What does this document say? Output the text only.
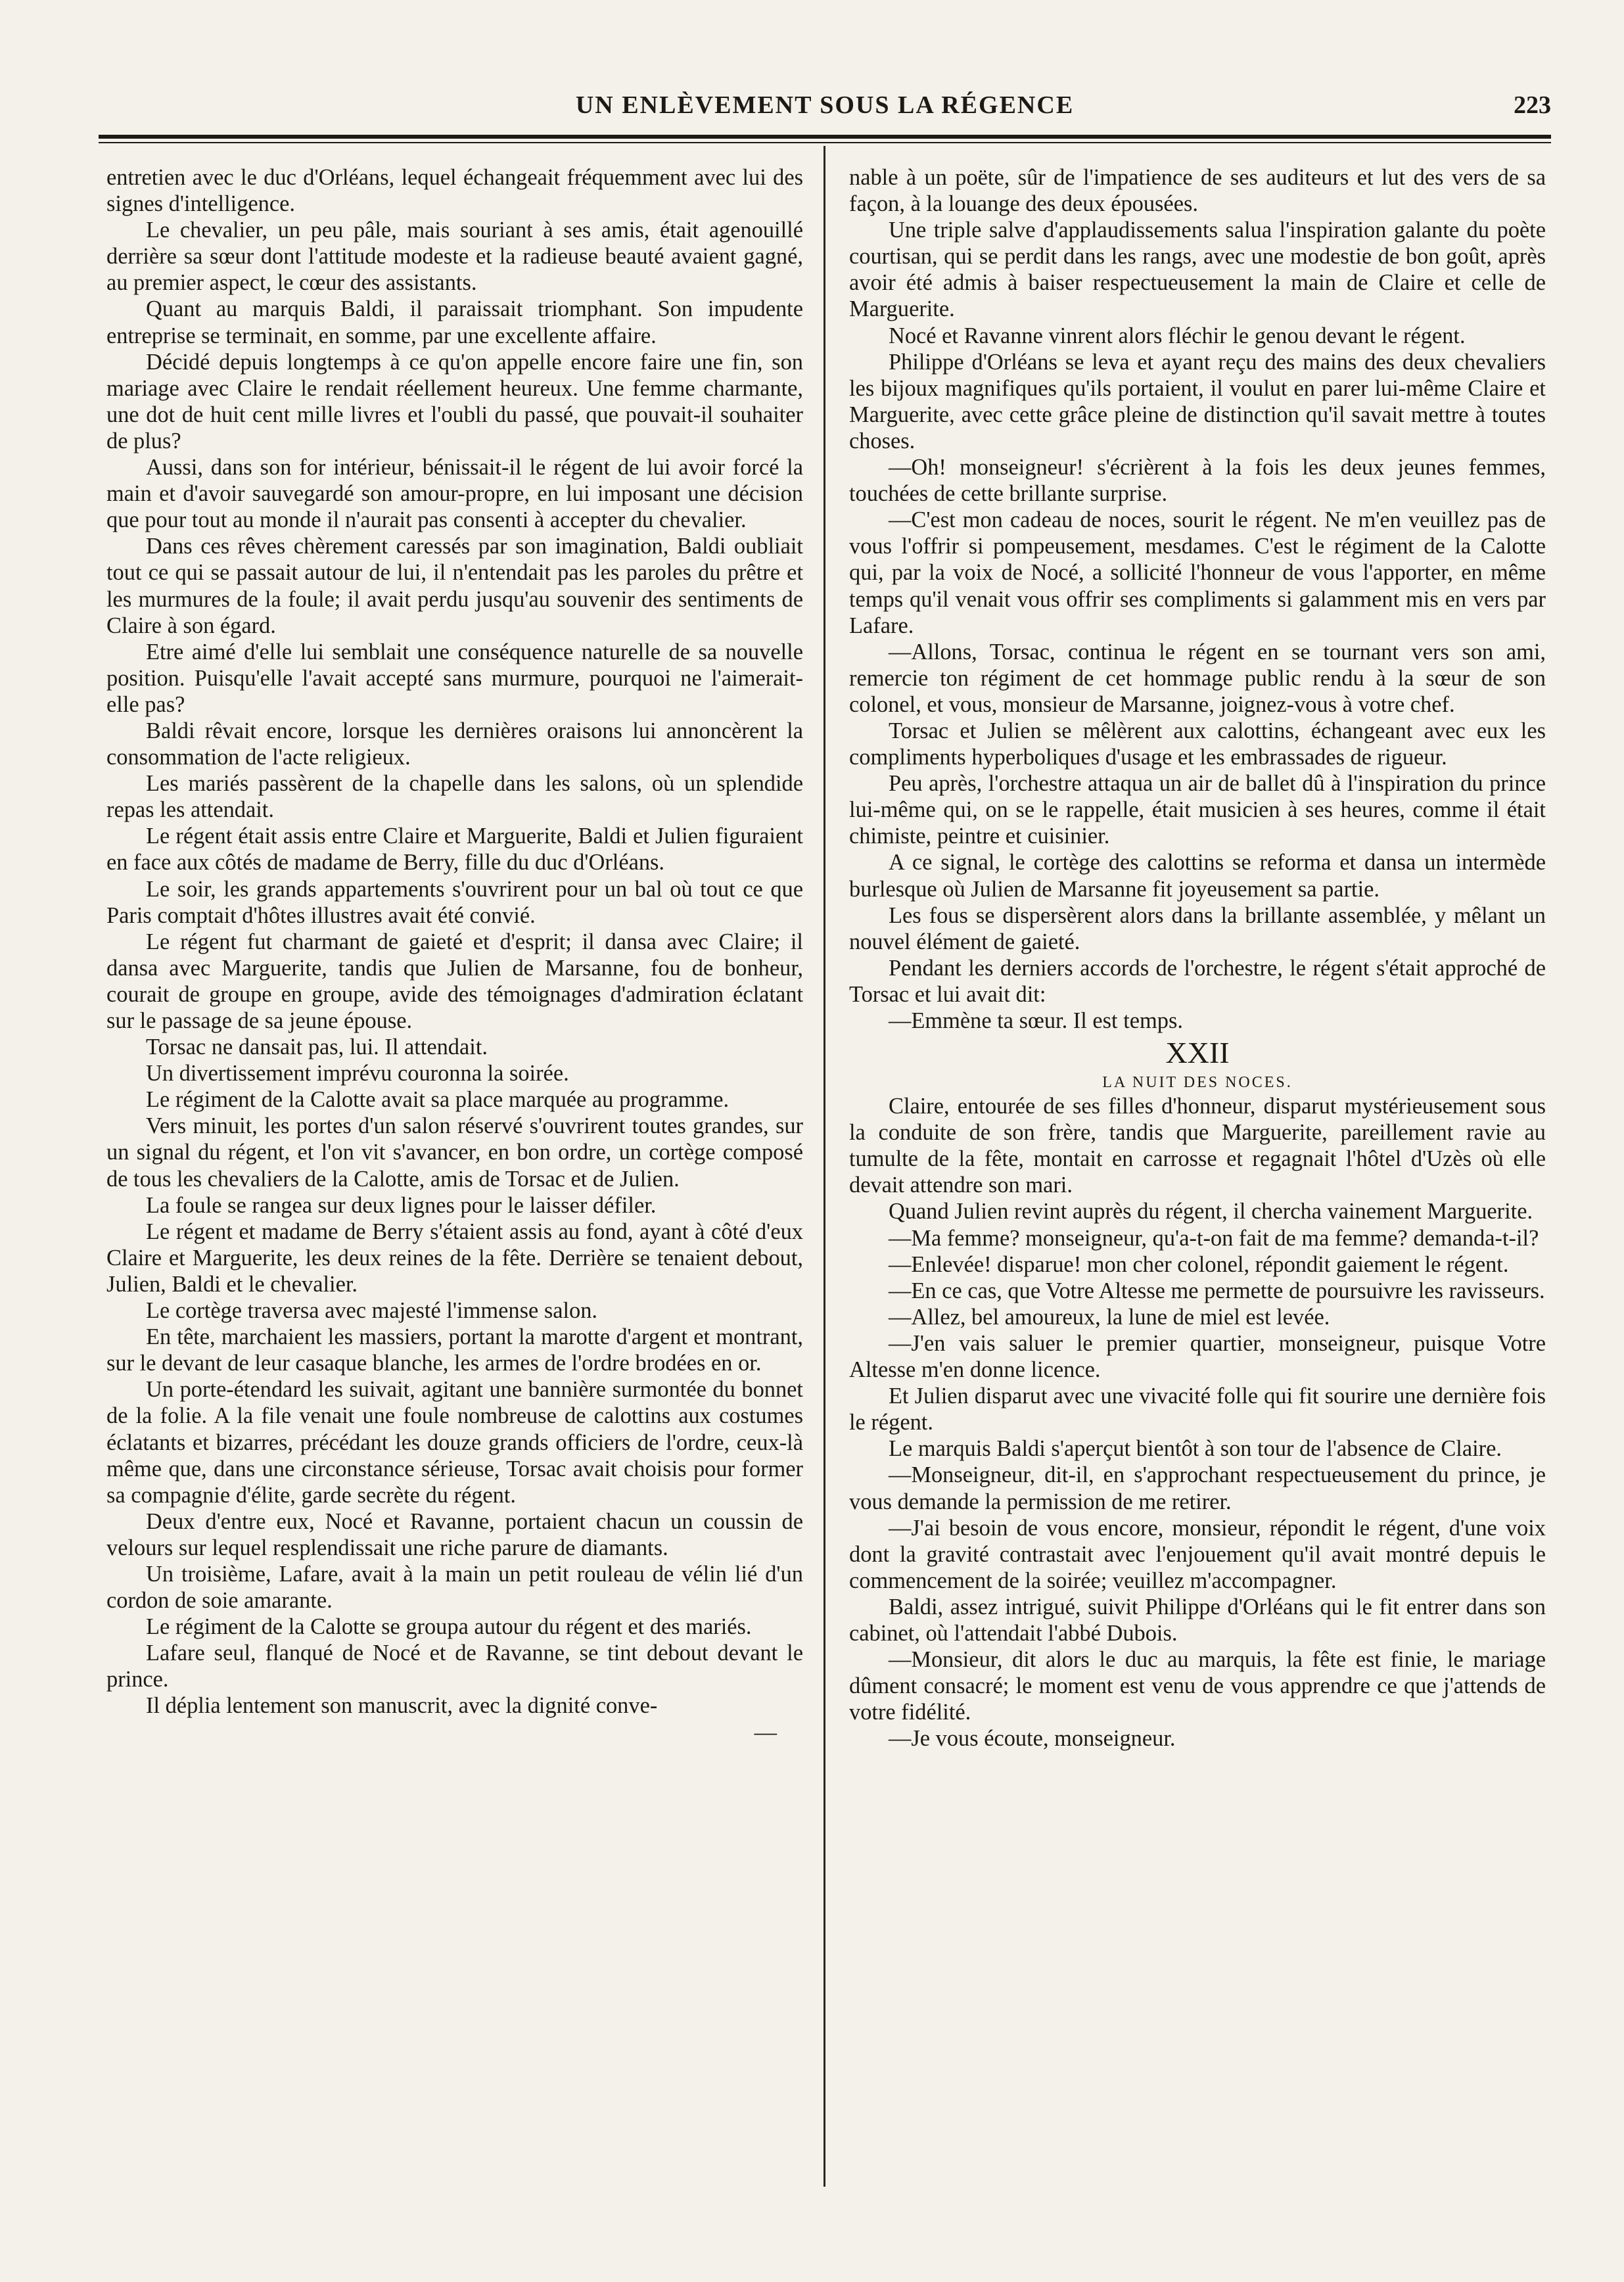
UN ENLÈVEMENT SOUS LA RÉGENCE	223

entretien avec le duc d'Orléans, lequel échangeait fréquemment avec lui des signes d'intelligence.

Le chevalier, un peu pâle, mais souriant à ses amis, était agenouillé derrière sa sœur dont l'attitude modeste et la radieuse beauté avaient gagné, au premier aspect, le cœur des assistants.

Quant au marquis Baldi, il paraissait triomphant. Son impudente entreprise se terminait, en somme, par une excellente affaire.

Décidé depuis longtemps à ce qu'on appelle encore faire une fin, son mariage avec Claire le rendait réellement heureux. Une femme charmante, une dot de huit cent mille livres et l'oubli du passé, que pouvait-il souhaiter de plus?

Aussi, dans son for intérieur, bénissait-il le régent de lui avoir forcé la main et d'avoir sauvegardé son amour-propre, en lui imposant une décision que pour tout au monde il n'aurait pas consenti à accepter du chevalier.

Dans ces rêves chèrement caressés par son imagination, Baldi oubliait tout ce qui se passait autour de lui, il n'entendait pas les paroles du prêtre et les murmures de la foule; il avait perdu jusqu'au souvenir des sentiments de Claire à son égard.

Etre aimé d'elle lui semblait une conséquence naturelle de sa nouvelle position. Puisqu'elle l'avait accepté sans murmure, pourquoi ne l'aimerait-elle pas?

Baldi rêvait encore, lorsque les dernières oraisons lui annoncèrent la consommation de l'acte religieux.

Les mariés passèrent de la chapelle dans les salons, où un splendide repas les attendait.

Le régent était assis entre Claire et Marguerite, Baldi et Julien figuraient en face aux côtés de madame de Berry, fille du duc d'Orléans.

Le soir, les grands appartements s'ouvrirent pour un bal où tout ce que Paris comptait d'hôtes illustres avait été convié.

Le régent fut charmant de gaieté et d'esprit; il dansa avec Claire; il dansa avec Marguerite, tandis que Julien de Marsanne, fou de bonheur, courait de groupe en groupe, avide des témoignages d'admiration éclatant sur le passage de sa jeune épouse.

Torsac ne dansait pas, lui. Il attendait.

Un divertissement imprévu couronna la soirée.

Le régiment de la Calotte avait sa place marquée au programme.

Vers minuit, les portes d'un salon réservé s'ouvrirent toutes grandes, sur un signal du régent, et l'on vit s'avancer, en bon ordre, un cortège composé de tous les chevaliers de la Calotte, amis de Torsac et de Julien.

La foule se rangea sur deux lignes pour le laisser défiler.

Le régent et madame de Berry s'étaient assis au fond, ayant à côté d'eux Claire et Marguerite, les deux reines de la fête. Derrière se tenaient debout, Julien, Baldi et le chevalier.

Le cortège traversa avec majesté l'immense salon.

En tête, marchaient les massiers, portant la marotte d'argent et montrant, sur le devant de leur casaque blanche, les armes de l'ordre brodées en or.

Un porte-étendard les suivait, agitant une bannière surmontée du bonnet de la folie. A la file venait une foule nombreuse de calottins aux costumes éclatants et bizarres, précédant les douze grands officiers de l'ordre, ceux-là même que, dans une circonstance sérieuse, Torsac avait choisis pour former sa compagnie d'élite, garde secrète du régent.

Deux d'entre eux, Nocé et Ravanne, portaient chacun un coussin de velours sur lequel resplendissait une riche parure de diamants.

Un troisième, Lafare, avait à la main un petit rouleau de vélin lié d'un cordon de soie amarante.

Le régiment de la Calotte se groupa autour du régent et des mariés.

Lafare seul, flanqué de Nocé et de Ravanne, se tint debout devant le prince.

Il déplia lentement son manuscrit, avec la dignité conve-

—

nable à un poëte, sûr de l'impatience de ses auditeurs et lut des vers de sa façon, à la louange des deux épousées.

Une triple salve d'applaudissements salua l'inspiration galante du poète courtisan, qui se perdit dans les rangs, avec une modestie de bon goût, après avoir été admis à baiser respectueusement la main de Claire et celle de Marguerite.

Nocé et Ravanne vinrent alors fléchir le genou devant le régent.

Philippe d'Orléans se leva et ayant reçu des mains des deux chevaliers les bijoux magnifiques qu'ils portaient, il voulut en parer lui-même Claire et Marguerite, avec cette grâce pleine de distinction qu'il savait mettre à toutes choses.

—Oh! monseigneur! s'écrièrent à la fois les deux jeunes femmes, touchées de cette brillante surprise.

—C'est mon cadeau de noces, sourit le régent. Ne m'en veuillez pas de vous l'offrir si pompeusement, mesdames. C'est le régiment de la Calotte qui, par la voix de Nocé, a sollicité l'honneur de vous l'apporter, en même temps qu'il venait vous offrir ses compliments si galamment mis en vers par Lafare.

—Allons, Torsac, continua le régent en se tournant vers son ami, remercie ton régiment de cet hommage public rendu à la sœur de son colonel, et vous, monsieur de Marsanne, joignez-vous à votre chef.

Torsac et Julien se mêlèrent aux calottins, échangeant avec eux les compliments hyperboliques d'usage et les embrassades de rigueur.

Peu après, l'orchestre attaqua un air de ballet dû à l'inspiration du prince lui-même qui, on se le rappelle, était musicien à ses heures, comme il était chimiste, peintre et cuisinier.

A ce signal, le cortège des calottins se reforma et dansa un intermède burlesque où Julien de Marsanne fit joyeusement sa partie.

Les fous se dispersèrent alors dans la brillante assemblée, y mêlant un nouvel élément de gaieté.

Pendant les derniers accords de l'orchestre, le régent s'était approché de Torsac et lui avait dit:

—Emmène ta sœur. Il est temps.

XXII

LA NUIT DES NOCES.

Claire, entourée de ses filles d'honneur, disparut mystérieusement sous la conduite de son frère, tandis que Marguerite, pareillement ravie au tumulte de la fête, montait en carrosse et regagnait l'hôtel d'Uzès où elle devait attendre son mari.

Quand Julien revint auprès du régent, il chercha vainement Marguerite.

—Ma femme? monseigneur, qu'a-t-on fait de ma femme? demanda-t-il?

—Enlevée! disparue! mon cher colonel, répondit gaiement le régent.

—En ce cas, que Votre Altesse me permette de poursuivre les ravisseurs.

—Allez, bel amoureux, la lune de miel est levée.

—J'en vais saluer le premier quartier, monseigneur, puisque Votre Altesse m'en donne licence.

Et Julien disparut avec une vivacité folle qui fit sourire une dernière fois le régent.

Le marquis Baldi s'aperçut bientôt à son tour de l'absence de Claire.

—Monseigneur, dit-il, en s'approchant respectueusement du prince, je vous demande la permission de me retirer.

—J'ai besoin de vous encore, monsieur, répondit le régent, d'une voix dont la gravité contrastait avec l'enjouement qu'il avait montré depuis le commencement de la soirée; veuillez m'accompagner.

Baldi, assez intrigué, suivit Philippe d'Orléans qui le fit entrer dans son cabinet, où l'attendait l'abbé Dubois.

—Monsieur, dit alors le duc au marquis, la fête est finie, le mariage dûment consacré; le moment est venu de vous apprendre ce que j'attends de votre fidélité.

—Je vous écoute, monseigneur.
